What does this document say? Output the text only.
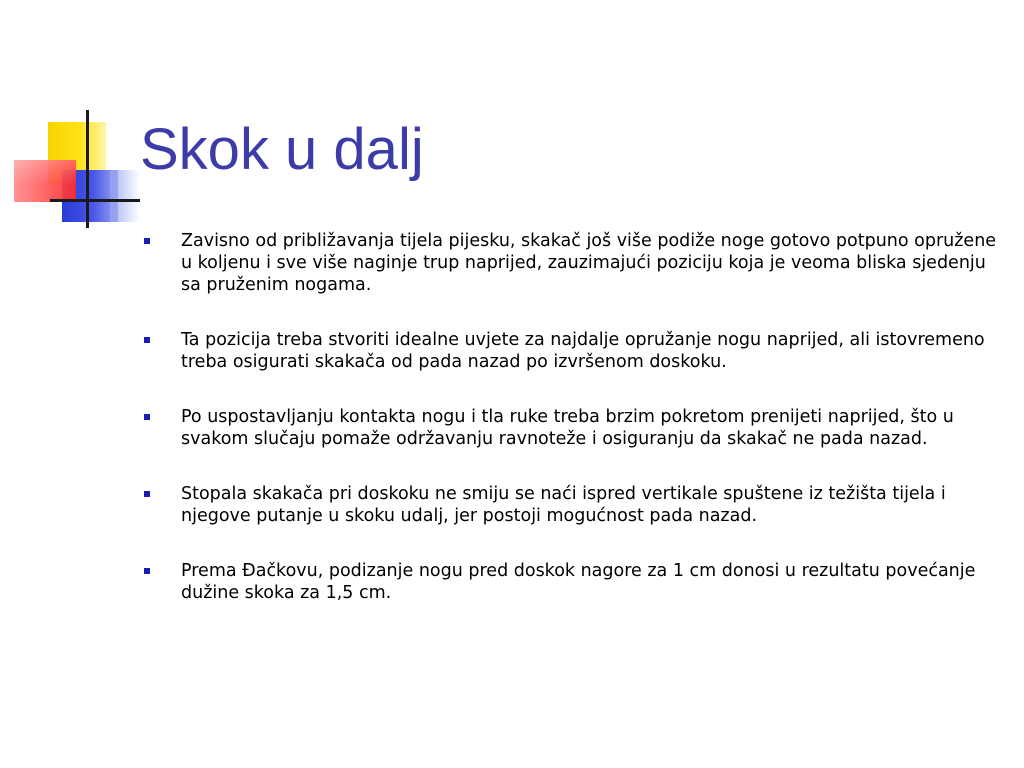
Skok u dalj
Zavisno od približavanja tijela pijesku, skakač još više podiže noge gotovo potpuno opružene u koljenu i sve više naginje trup naprijed, zauzimajući poziciju koja je veoma bliska sjedenju sa pruženim nogama.
Ta pozicija treba stvoriti idealne uvjete za najdalje opružanje nogu naprijed, ali istovremeno treba osigurati skakača od pada nazad po izvršenom doskoku.
Po uspostavljanju kontakta nogu i tla ruke treba brzim pokretom prenijeti naprijed, što u svakom slučaju pomaže održavanju ravnoteže i osiguranju da skakač ne pada nazad.
Stopala skakača pri doskoku ne smiju se naći ispred vertikale spuštene iz težišta tijela i njegove putanje u skoku udalj, jer postoji mogućnost pada nazad.
Prema Đačkovu, podizanje nogu pred doskok nagore za 1 cm donosi u rezultatu povećanje dužine skoka za 1,5 cm.
